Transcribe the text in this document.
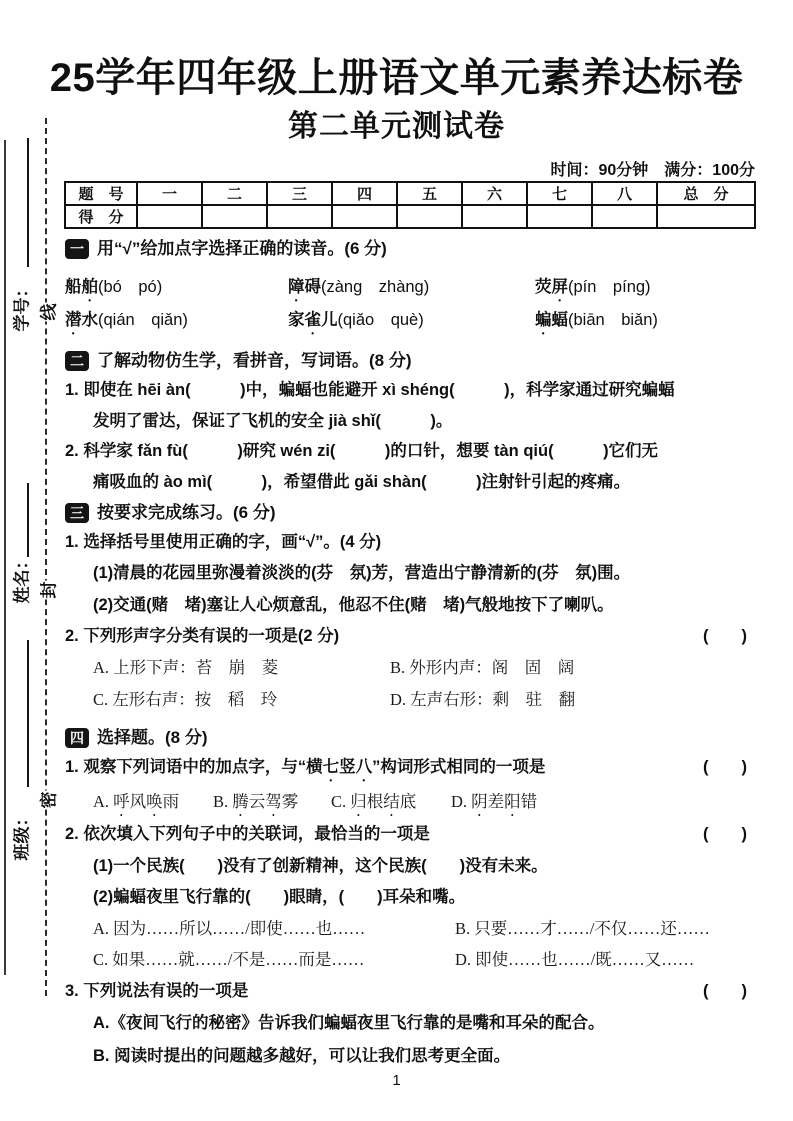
25学年四年级上册语文单元素养达标卷
第二单元测试卷
时间：90分钟　满分：100分
题　号	一	二	三	四	五	六	七	八	总　分
得　分									
学号：
姓名：
班级：
线
封
密
一 用“√”给加点字选择正确的读音。(6 分)
船舶(bó　pó)	障碍(zàng　zhàng)	荧屏(pín　píng)
潜水(qián　qiǎn)	家雀儿(qiǎo　què)	蝙蝠(biān　biǎn)
二 了解动物仿生学，看拼音，写词语。(8 分)
1. 即使在 hēi àn(　　　)中，蝙蝠也能避开 xì shéng(　　　)，科学家通过研究蝙蝠
发明了雷达，保证了飞机的安全 jià shǐ(　　　)。
2. 科学家 fǎn fù(　　　)研究 wén zi(　　　)的口针，想要 tàn qiú(　　　)它们无
痛吸血的 ào mì(　　　)，希望借此 gǎi shàn(　　　)注射针引起的疼痛。
三 按要求完成练习。(6 分)
1. 选择括号里使用正确的字，画“√”。(4 分)
(1)清晨的花园里弥漫着淡淡的(芬　氛)芳，营造出宁静清新的(芬　氛)围。
(2)交通(赌　堵)塞让人心烦意乱，他忍不住(赌　堵)气般地按下了喇叭。
2. 下列形声字分类有误的一项是(2 分)	(　　)
A. 上形下声：苔　崩　菱	B. 外形内声：阁　固　阔
C. 左形右声：按　稻　玲	D. 左声右形：剩　驻　翻
四 选择题。(8 分)
1. 观察下列词语中的加点字，与“横七竖八”构词形式相同的一项是	(　　)
A. 呼风唤雨	B. 腾云驾雾	C. 归根结底	D. 阴差阳错
2. 依次填入下列句子中的关联词，最恰当的一项是	(　　)
(1)一个民族(　　)没有了创新精神，这个民族(　　)没有未来。
(2)蝙蝠夜里飞行靠的(　　)眼睛，(　　)耳朵和嘴。
A. 因为……所以……/即使……也……	B. 只要……才……/不仅……还……
C. 如果……就……/不是……而是……	D. 即使……也……/既……又……
3. 下列说法有误的一项是	(　　)
A.《夜间飞行的秘密》告诉我们蝙蝠夜里飞行靠的是嘴和耳朵的配合。
B. 阅读时提出的问题越多越好，可以让我们思考更全面。
1
